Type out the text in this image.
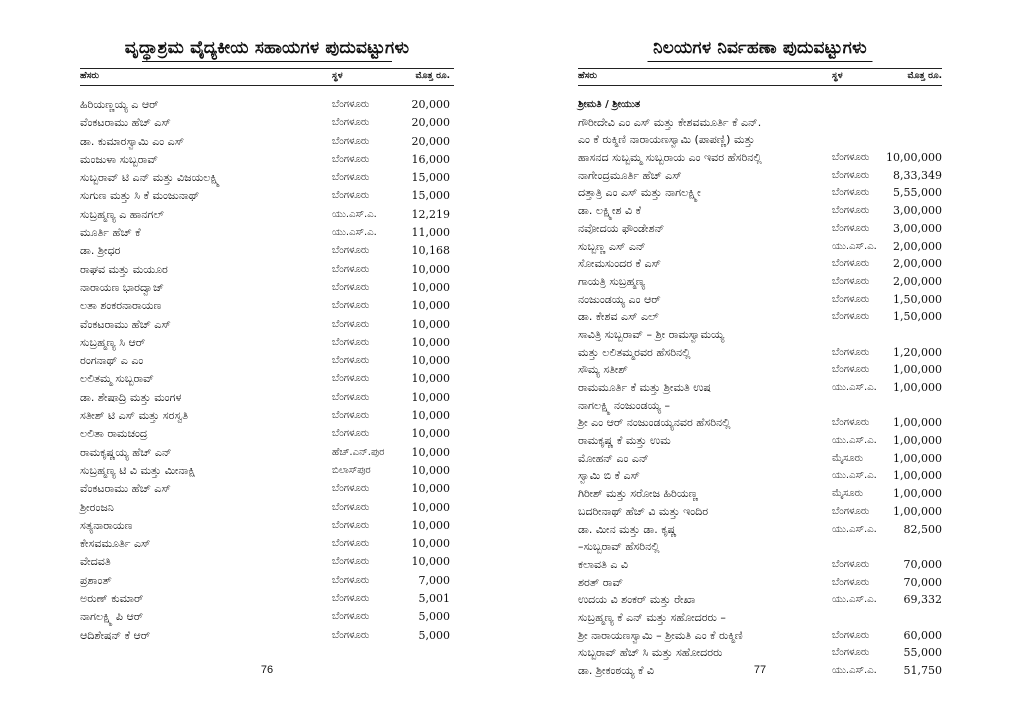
ವೃದ್ಧಾಶ್ರಮ ವೈದ್ಯಕೀಯ ಸಹಾಯಗಳ ಪುದುವಟ್ಟುಗಳು
ಹೆಸರು	ಸ್ಥಳ	ಮೊತ್ತ ರೂ.
ಹಿರಿಯಣ್ಣಯ್ಯ ಎ ಆರ್	ಬೆಂಗಳೂರು	20,000
ವೆಂಕಟರಾಮು ಹೆಚ್ ಎಸ್	ಬೆಂಗಳೂರು	20,000
ಡಾ. ಕುಮಾರಸ್ವಾಮಿ ಎಂ ಎಸ್	ಬೆಂಗಳೂರು	20,000
ಮಂಜುಳಾ ಸುಬ್ಬರಾವ್	ಬೆಂಗಳೂರು	16,000
ಸುಬ್ಬರಾವ್ ಟಿ ಎನ್ ಮತ್ತು ವಿಜಯಲಕ್ಷ್ಮಿ	ಬೆಂಗಳೂರು	15,000
ಸುಗುಣ ಮತ್ತು ಸಿ ಕೆ ಮಂಜುನಾಥ್	ಬೆಂಗಳೂರು	15,000
ಸುಬ್ರಹ್ಮಣ್ಯ ಎ ಹಾನಗಲ್	ಯು.ಎಸ್.ಎ.	12,219
ಮೂರ್ತಿ ಹೆಚ್ ಕೆ	ಯು.ಎಸ್.ಎ.	11,000
ಡಾ. ಶ್ರೀಧರ	ಬೆಂಗಳೂರು	10,168
ರಾಘವ ಮತ್ತು ಮಯೂರ	ಬೆಂಗಳೂರು	10,000
ನಾರಾಯಣ ಭಾರದ್ವಾಜ್	ಬೆಂಗಳೂರು	10,000
ಲತಾ ಶಂಕರನಾರಾಯಣ	ಬೆಂಗಳೂರು	10,000
ವೆಂಕಟರಾಮು ಹೆಚ್ ಎಸ್	ಬೆಂಗಳೂರು	10,000
ಸುಬ್ರಹ್ಮಣ್ಯ ಸಿ ಆರ್	ಬೆಂಗಳೂರು	10,000
ರಂಗನಾಥ್ ಎ ಎಂ	ಬೆಂಗಳೂರು	10,000
ಲಲಿತಮ್ಮ ಸುಬ್ಬರಾವ್	ಬೆಂಗಳೂರು	10,000
ಡಾ. ಶೇಷಾದ್ರಿ ಮತ್ತು ಮಂಗಳ	ಬೆಂಗಳೂರು	10,000
ಸತೀಶ್ ಟಿ ಎಸ್ ಮತ್ತು ಸರಸ್ವತಿ	ಬೆಂಗಳೂರು	10,000
ಲಲಿತಾ ರಾಮಚಂದ್ರ	ಬೆಂಗಳೂರು	10,000
ರಾಮಕೃಷ್ಣಯ್ಯ ಹೆಚ್ ಎನ್	ಹೆಚ್.ಎನ್.ಪುರ 10,000
ಸುಬ್ರಹ್ಮಣ್ಯ ಟಿ ವಿ ಮತ್ತು ಮೀನಾಕ್ಷಿ	ಬಿಲಾಸ್‌ಪುರ	10,000
ವೆಂಕಟರಾಮು ಹೆಚ್ ಎಸ್	ಬೆಂಗಳೂರು	10,000
ಶ್ರೀರಂಜನಿ	ಬೆಂಗಳೂರು	10,000
ಸತ್ಯನಾರಾಯಣ	ಬೆಂಗಳೂರು	10,000
ಕೇಸವಮೂರ್ತಿ ಎಸ್	ಬೆಂಗಳೂರು	10,000
ವೇದವತಿ	ಬೆಂಗಳೂರು	10,000
ಪ್ರಶಾಂತ್	ಬೆಂಗಳೂರು	7,000
ಅರುಣ್ ಕುಮಾರ್	ಬೆಂಗಳೂರು	5,001
ನಾಗಲಕ್ಷ್ಮಿ ಪಿ ಆರ್	ಬೆಂಗಳೂರು	5,000
ಆದಿಶೇಷನ್ ಕೆ ಆರ್	ಬೆಂಗಳೂರು	5,000
76
ನಿಲಯಗಳ ನಿರ್ವಹಣಾ ಪುದುವಟ್ಟುಗಳು
ಹೆಸರು	ಸ್ಥಳ	ಮೊತ್ತ ರೂ.
ಶ್ರೀಮತಿ / ಶ್ರೀಯುತ
ಗೌರೀದೇವಿ ಎಂ ಎಸ್ ಮತ್ತು ಕೇಶವಮೂರ್ತಿ ಕೆ ಎನ್.
ಎಂ ಕೆ ರುಕ್ಮಿಣಿ ನಾರಾಯಣಸ್ವಾಮಿ (ಪಾಪಣ್ಣಿ) ಮತ್ತು
ಹಾಸನದ ಸುಬ್ಬಮ್ಮ ಸುಬ್ಬರಾಯ ಎಂ ಇವರ ಹೆಸರಿನಲ್ಲಿ	ಬೆಂಗಳೂರು 10,00,000
ನಾಗೇಂದ್ರಮೂರ್ತಿ ಹೆಚ್ ಎಸ್	ಬೆಂಗಳೂರು 8,33,349
ದತ್ತಾತ್ರಿ ಎಂ ಎಸ್ ಮತ್ತು ನಾಗಲಕ್ಷ್ಮೀ	ಬೆಂಗಳೂರು 5,55,000
ಡಾ. ಲಕ್ಷ್ಮೀಶ ವಿ ಕೆ	ಬೆಂಗಳೂರು 3,00,000
ನವೋದಯ ಫೌಂಡೇಶನ್	ಬೆಂಗಳೂರು 3,00,000
ಸುಬ್ಬಣ್ಣ ಎಸ್ ಎನ್	ಯು.ಎಸ್.ಎ. 2,00,000
ಸೋಮಸುಂದರ ಕೆ ಎಸ್	ಬೆಂಗಳೂರು 2,00,000
ಗಾಯತ್ರಿ ಸುಬ್ರಹ್ಮಣ್ಯ	ಬೆಂಗಳೂರು 2,00,000
ನಂಜುಂಡಯ್ಯ ಎಂ ಆರ್	ಬೆಂಗಳೂರು 1,50,000
ಡಾ. ಕೇಶವ ಎಸ್ ಎಲ್	ಬೆಂಗಳೂರು 1,50,000
ಸಾವಿತ್ರಿ ಸುಬ್ಬರಾವ್ – ಶ್ರೀ ರಾಮಸ್ವಾಮಯ್ಯ
ಮತ್ತು ಲಲಿತಮ್ಮರವರ ಹೆಸರಿನಲ್ಲಿ	ಬೆಂಗಳೂರು 1,20,000
ಸೌಮ್ಯ ಸತೀಶ್	ಬೆಂಗಳೂರು 1,00,000
ರಾಮಮೂರ್ತಿ ಕೆ ಮತ್ತು ಶ್ರೀಮತಿ ಉಷ	ಯು.ಎಸ್.ಎ. 1,00,000
ನಾಗಲಕ್ಷ್ಮಿ ನಂಜುಂಡಯ್ಯ –
ಶ್ರೀ ಎಂ ಆರ್ ನಂಜುಂಡಯ್ಯನವರ ಹೆಸರಿನಲ್ಲಿ	ಬೆಂಗಳೂರು 1,00,000
ರಾಮಕೃಷ್ಣ ಕೆ ಮತ್ತು ಉಮ	ಯು.ಎಸ್.ಎ. 1,00,000
ಮೋಹನ್ ಎಂ ಎನ್	ಮೈಸೂರು	1,00,000
ಸ್ವಾಮಿ ಬಿ ಕೆ ಎಸ್	ಯು.ಎಸ್.ಎ. 1,00,000
ಗಿರೀಶ್ ಮತ್ತು ಸರೋಜ ಹಿರಿಯಣ್ಣ	ಮೈಸೂರು	1,00,000
ಬದರೀನಾಥ್ ಹೆಚ್ ವಿ ಮತ್ತು ಇಂದಿರ	ಬೆಂಗಳೂರು 1,00,000
ಡಾ. ಮೀನ ಮತ್ತು ಡಾ. ಕೃಷ್ಣ	ಯು.ಎಸ್.ಎ. 82,500
–ಸುಬ್ಬರಾವ್ ಹೆಸರಿನಲ್ಲಿ
ಕಲಾವತಿ ಎ ವಿ	ಬೆಂಗಳೂರು	70,000
ಶರತ್ ರಾವ್	ಬೆಂಗಳೂರು	70,000
ಉದಯ ವಿ ಶಂಕರ್ ಮತ್ತು ರೇಖಾ	ಯು.ಎಸ್.ಎ. 69,332
ಸುಬ್ರಹ್ಮಣ್ಯ ಕೆ ಎನ್ ಮತ್ತು ಸಹೋದರರು –
ಶ್ರೀ ನಾರಾಯಣಸ್ವಾಮಿ – ಶ್ರೀಮತಿ ಎಂ ಕೆ ರುಕ್ಮಿಣಿ	ಬೆಂಗಳೂರು	60,000
ಸುಬ್ಬರಾವ್ ಹೆಚ್ ಸಿ ಮತ್ತು ಸಹೋದರರು	ಬೆಂಗಳೂರು	55,000
ಡಾ. ಶ್ರೀಕಂಠಯ್ಯ ಕೆ ವಿ	ಯು.ಎಸ್.ಎ. 51,750
77
